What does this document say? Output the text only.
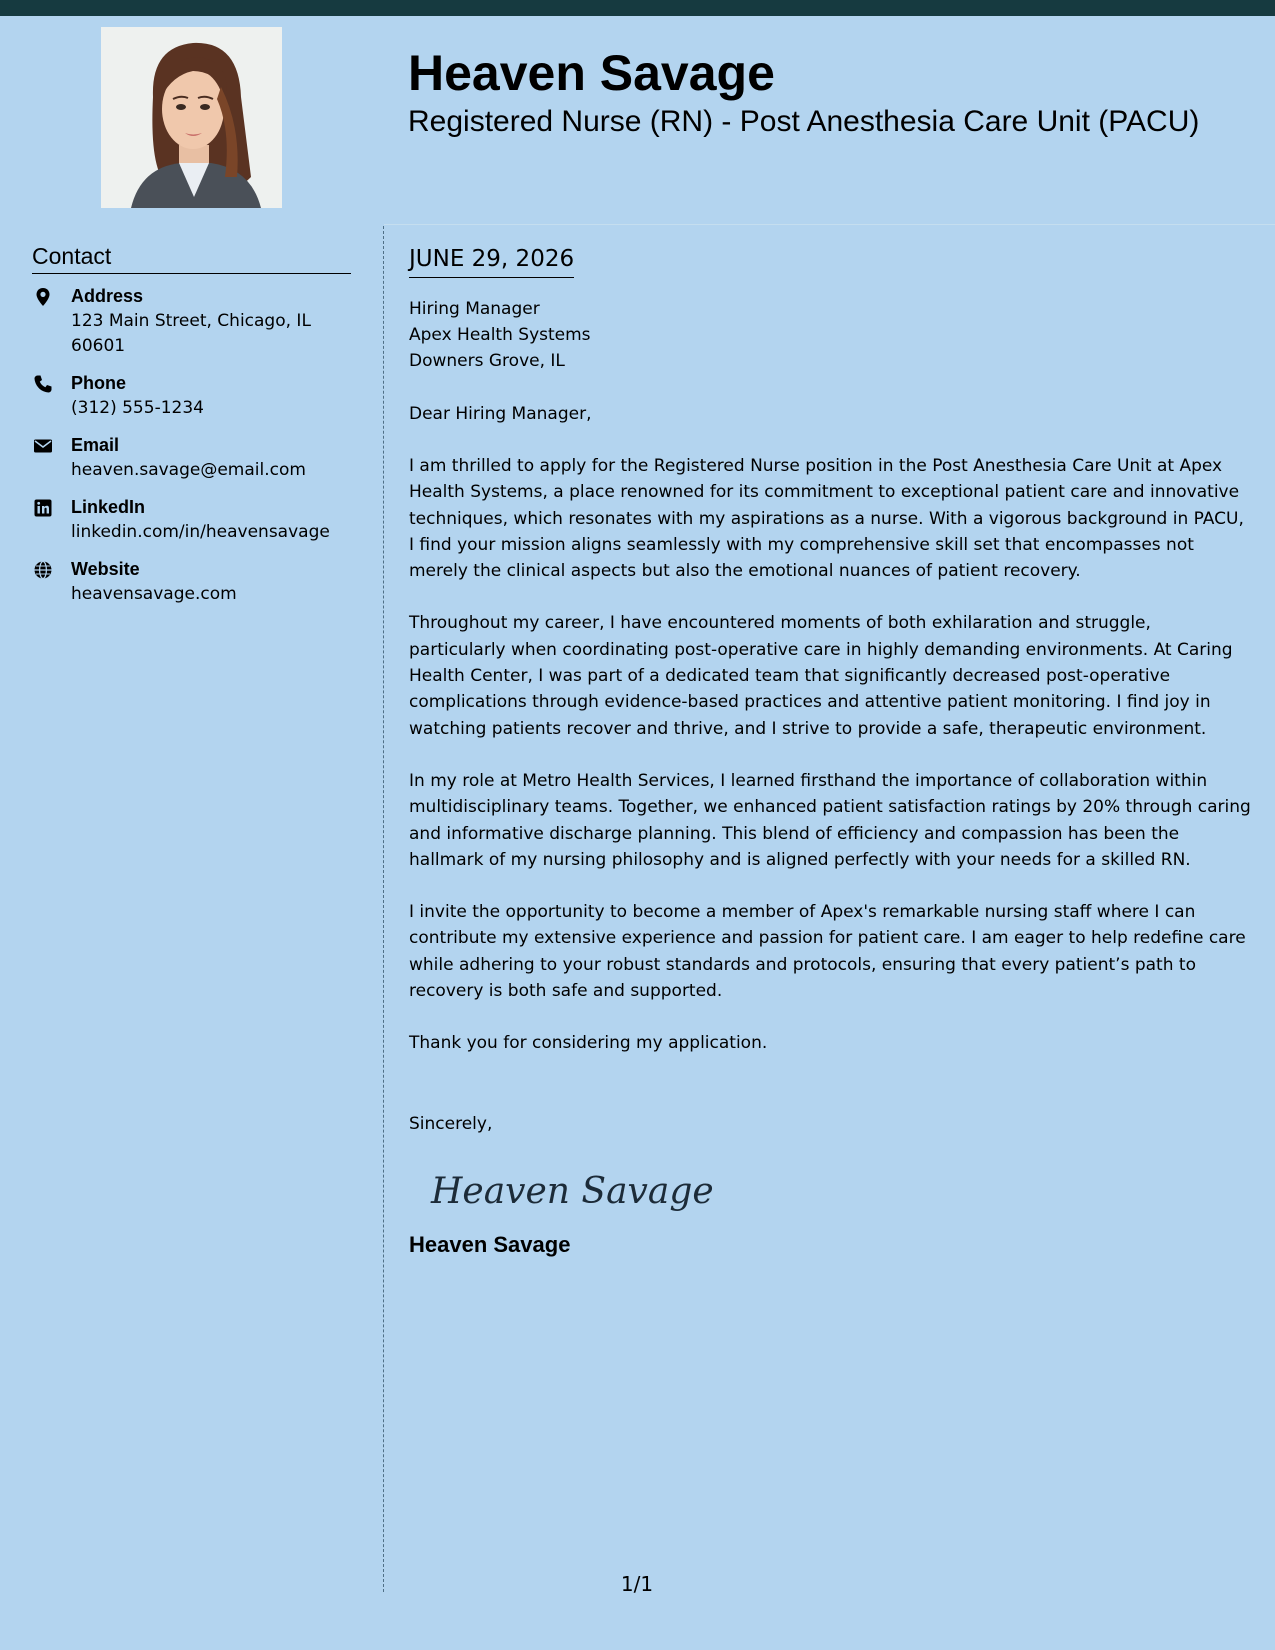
Heaven Savage
Registered Nurse (RN) - Post Anesthesia Care Unit (PACU)
Contact
Address
123 Main Street, Chicago, IL 60601
Phone
(312) 555-1234
Email
heaven.savage@email.com
LinkedIn
linkedin.com/in/heavensavage
Website
heavensavage.com
JUNE 29, 2026
Hiring Manager
Apex Health Systems
Downers Grove, IL
Dear Hiring Manager,
I am thrilled to apply for the Registered Nurse position in the Post Anesthesia Care Unit at Apex Health Systems, a place renowned for its commitment to exceptional patient care and innovative techniques, which resonates with my aspirations as a nurse. With a vigorous background in PACU, I find your mission aligns seamlessly with my comprehensive skill set that encompasses not merely the clinical aspects but also the emotional nuances of patient recovery.
Throughout my career, I have encountered moments of both exhilaration and struggle, particularly when coordinating post-operative care in highly demanding environments. At Caring Health Center, I was part of a dedicated team that significantly decreased post-operative complications through evidence-based practices and attentive patient monitoring. I find joy in watching patients recover and thrive, and I strive to provide a safe, therapeutic environment.
In my role at Metro Health Services, I learned firsthand the importance of collaboration within multidisciplinary teams. Together, we enhanced patient satisfaction ratings by 20% through caring and informative discharge planning. This blend of efficiency and compassion has been the hallmark of my nursing philosophy and is aligned perfectly with your needs for a skilled RN.
I invite the opportunity to become a member of Apex's remarkable nursing staff where I can contribute my extensive experience and passion for patient care. I am eager to help redefine care while adhering to your robust standards and protocols, ensuring that every patient’s path to recovery is both safe and supported.
Thank you for considering my application.
Sincerely,
Heaven Savage
Heaven Savage
1/1
